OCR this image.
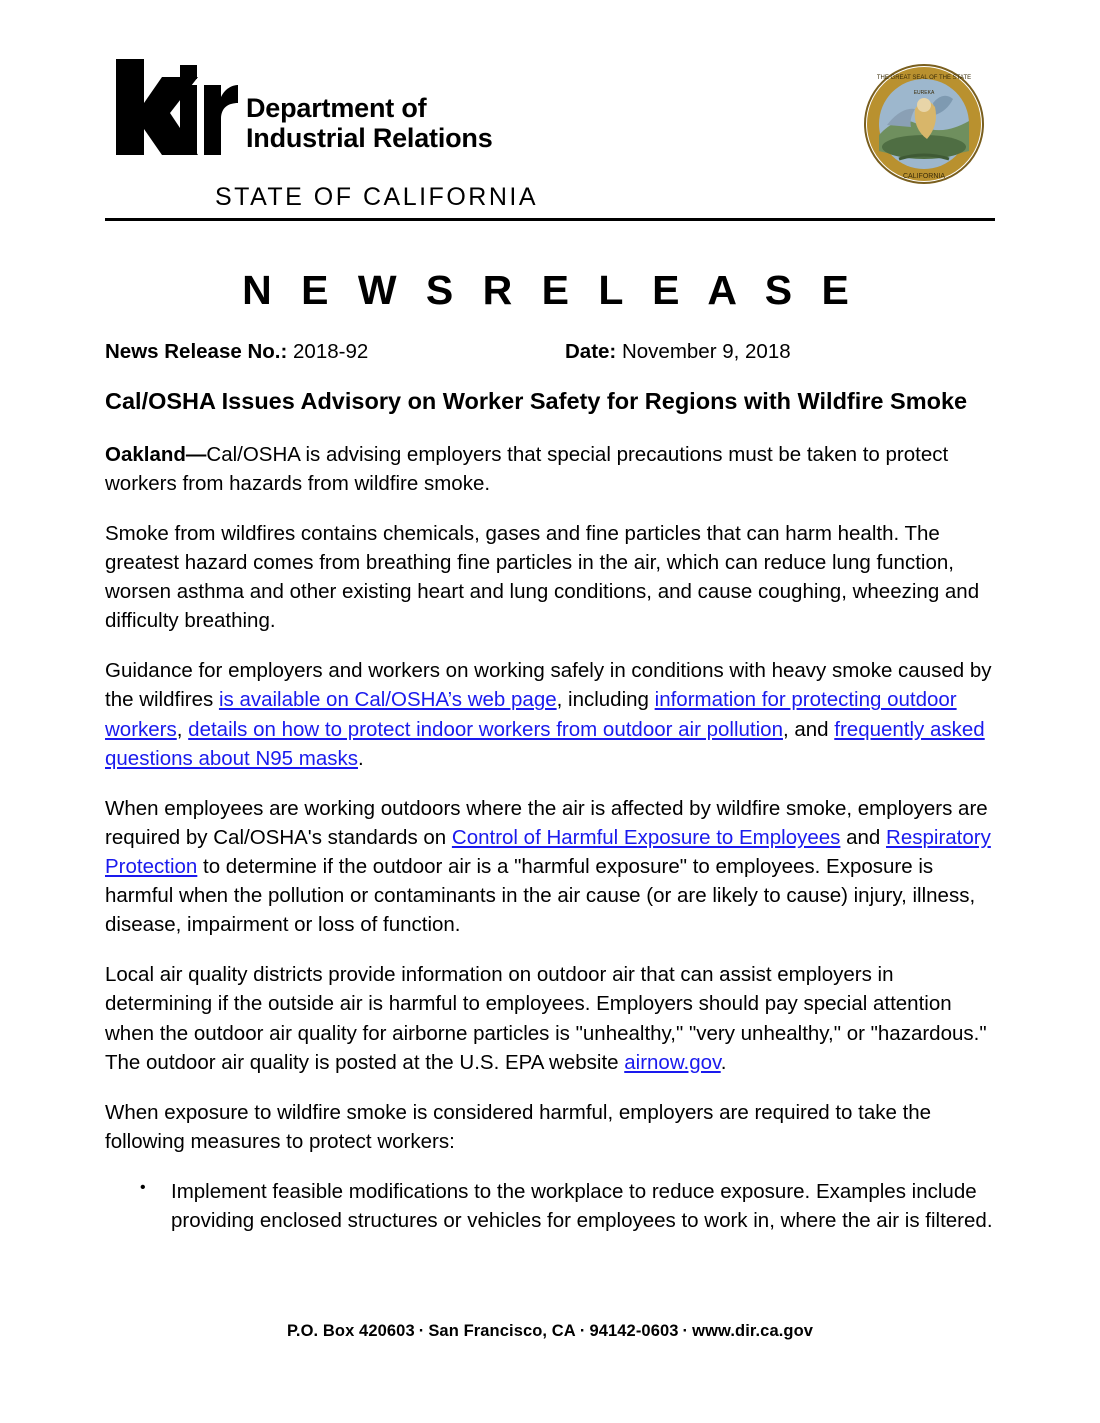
Department of
Industrial Relations
THE GREAT SEAL OF THE STATE
CALIFORNIA
EUREKA
STATE OF CALIFORNIA
N E W S R E L E A S E
News Release No.: 2018-92	Date: November 9, 2018
Cal/OSHA Issues Advisory on Worker Safety for Regions with Wildfire Smoke

Oakland—Cal/OSHA is advising employers that special precautions must be taken to protect workers from hazards from wildfire smoke.

Smoke from wildfires contains chemicals, gases and fine particles that can harm health. The greatest hazard comes from breathing fine particles in the air, which can reduce lung function, worsen asthma and other existing heart and lung conditions, and cause coughing, wheezing and difficulty breathing.

Guidance for employers and workers on working safely in conditions with heavy smoke caused by the wildfires is available on Cal/OSHA’s web page, including information for protecting outdoor workers, details on how to protect indoor workers from outdoor air pollution, and frequently asked questions about N95 masks.

When employees are working outdoors where the air is affected by wildfire smoke, employers are required by Cal/OSHA's standards on Control of Harmful Exposure to Employees and Respiratory Protection to determine if the outdoor air is a "harmful exposure" to employees. Exposure is harmful when the pollution or contaminants in the air cause (or are likely to cause) injury, illness, disease, impairment or loss of function.

Local air quality districts provide information on outdoor air that can assist employers in determining if the outside air is harmful to employees. Employers should pay special attention when the outdoor air quality for airborne particles is "unhealthy," "very unhealthy," or "hazardous." The outdoor air quality is posted at the U.S. EPA website airnow.gov.

When exposure to wildfire smoke is considered harmful, employers are required to take the following measures to protect workers:

• Implement feasible modifications to the workplace to reduce exposure. Examples include providing enclosed structures or vehicles for employees to work in, where the air is filtered.
P.O. Box 420603 · San Francisco, CA · 94142-0603 · www.dir.ca.gov
